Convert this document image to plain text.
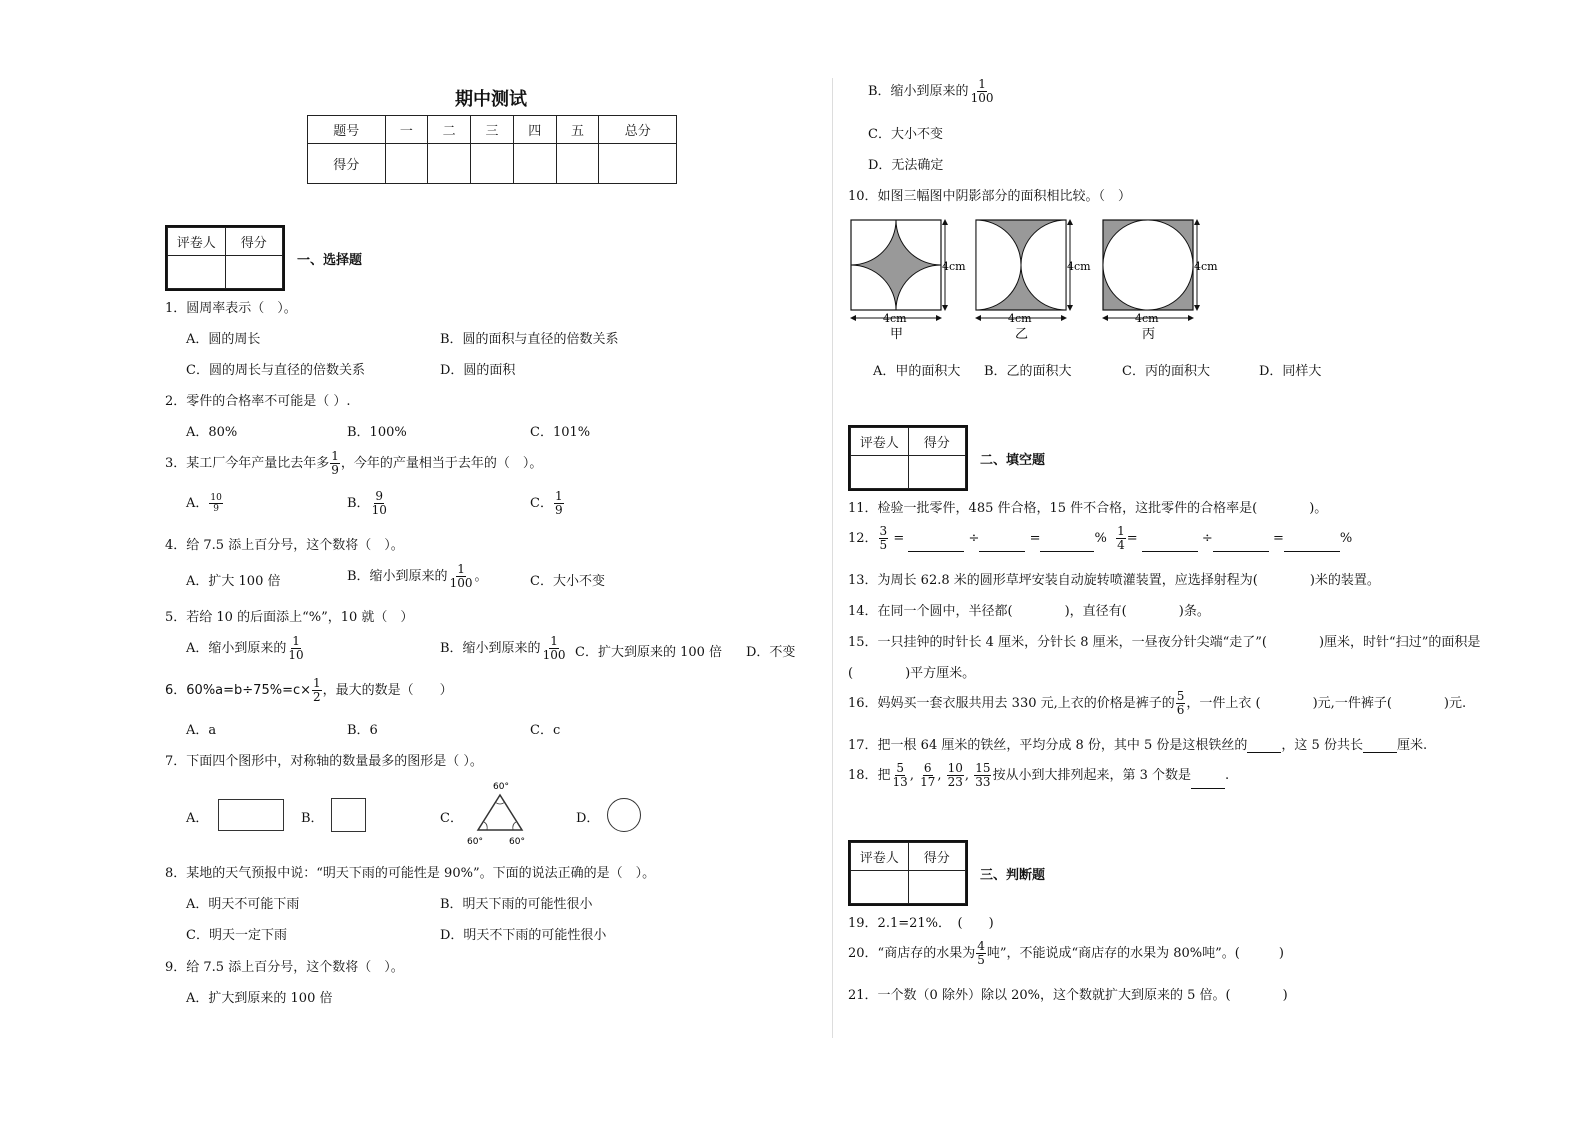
期中测试
题号	一	二	三	四	五	总分
得分						
评卷人	得分

一、选择题
1．圆周率表示（　）。
A．圆的周长	B．圆的面积与直径的倍数关系
C．圆的周长与直径的倍数关系	D．圆的面积
2．零件的合格率不可能是（ ）.
A．80%	B．100%	C．101%
3．某工厂今年产量比去年多 $\frac{1}{9}$ ，今年的产量相当于去年的（　）。
A． $\frac{10}{9}$	B． $\frac{9}{10}$	C． $\frac{1}{9}$
4．给 7.5 添上百分号，这个数将（　）。
A．扩大 100 倍	B．缩小到原来的 $\frac{1}{100}$ 。	C．大小不变
5．若给 10 的后面添上“%”，10 就（　）
A．缩小到原来的 $\frac{1}{10}$	B．缩小到原来的 $\frac{1}{100}$ C．扩大到原来的 100 倍 D．不变
6．$60\%a=b\div 75\%=c\times \frac{1}{2}$ ，最大的数是（　　）
A．a	B．6	C．c
7．下面四个图形中，对称轴的数量最多的图形是（ ）。
A．	B．	C．
60°
60°	60°
D．
8．某地的天气预报中说：“明天下雨的可能性是 90%”。下面的说法正确的是（　）。
A．明天不可能下雨	B．明天下雨的可能性很小
C．明天一定下雨	D．明天不下雨的可能性很小
9．给 7.5 添上百分号，这个数将（　）。
A．扩大到原来的 100 倍
B．缩小到原来的 $\frac{1}{100}$
C．大小不变
D．无法确定
10．如图三幅图中阴影部分的面积相比较。（　）
4cm	4cm	4cm
4cm	4cm	4cm
甲	乙	丙
A．甲的面积大 B．乙的面积大	C．丙的面积大	D．同样大
评卷人	得分

二、填空题
11．检验一批零件，485 件合格，15 件不合格，这批零件的合格率是(　　　　)。
12． $\frac{3}{5}$ =	÷	=	% $\frac{1}{4}$ =	÷	=	%
13．为周长 62.8 米的圆形草坪安装自动旋转喷灌装置，应选择射程为(　　　　)米的装置。
14．在同一个圆中，半径都(　　　　)，直径有(　　　　)条。
15．一只挂钟的时针长 4 厘米，分针长 8 厘米，一昼夜分针尖端“走了”(　　　　)厘米，时针“扫过”的面积是
(　　　　)平方厘米。
16．妈妈买一套衣服共用去 330 元,上衣的价格是裤子的 $\frac{5}{6}$ ，一件上衣 (　　　　)元,一件裤子(　　　　)元.
17．把一根 64 厘米的铁丝，平均分成 8 份，其中 5 份是这根铁丝的	，这 5 份共长	厘米.
18．把 $\frac{5}{13}$ , $\frac{6}{17}$ , $\frac{10}{23}$ , $\frac{15}{33}$ 按从小到大排列起来，第 3 个数是	.
评卷人	得分

三、判断题
19．2.1=21%．　(　　)
20．“商店存的水果为 $\frac{4}{5}$ 吨”，不能说成“商店存的水果为 80%吨”。(　　　)
21．一个数（0 除外）除以 20%，这个数就扩大到原来的 5 倍。(　　　　)
